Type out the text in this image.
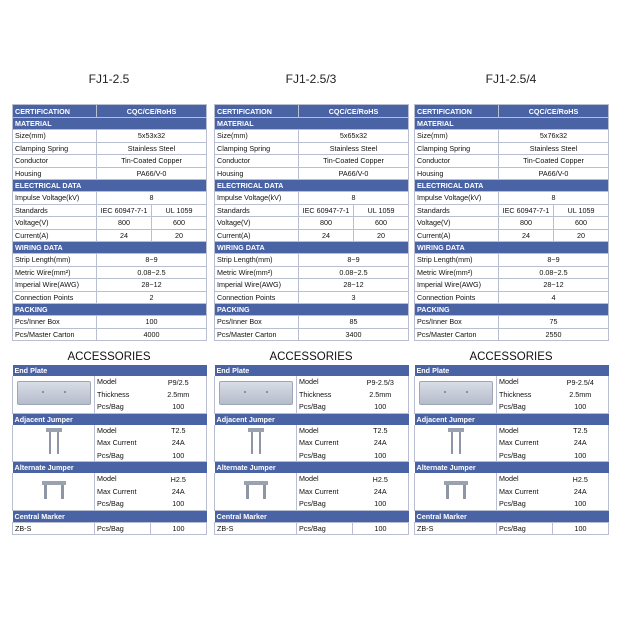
FJ1-2.5
CERTIFICATION	CQC/CE/RoHS	
MATERIAL		
Size(mm)	5x53x32	
Clamping Spring	Stainless Steel	
Conductor	Tin-Coated Copper	
Housing	PA66/V-0	
ELECTRICAL DATA		
Impulse Voltage(kV)	8	
Standards	IEC 60947-7-1	UL 1059
Voltage(V)	800	600
Current(A)	24	20
WIRING DATA		
Strip Length(mm)	8~9	
Metric Wire(mm²)	0.08~2.5	
Imperial Wire(AWG)	28~12	
Connection Points	2	
PACKING		
Pcs/Inner Box	100	
Pcs/Master Carton	4000	
ACCESSORIES
End Plate		
	Model	P9/2.5
	Thickness	2.5mm
	Pcs/Bag	100
Adjacent Jumper		

	Model	T2.5
	Max Current	24A
	Pcs/Bag	100
Alternate Jumper		

	Model	H2.5
	Max Current	24A
	Pcs/Bag	100
Central Marker		
ZB-S	Pcs/Bag	100
FJ1-2.5/3
CERTIFICATION	CQC/CE/RoHS	
MATERIAL		
Size(mm)	5x65x32	
Clamping Spring	Stainless Steel	
Conductor	Tin-Coated Copper	
Housing	PA66/V-0	
ELECTRICAL DATA		
Impulse Voltage(kV)	8	
Standards	IEC 60947-7-1	UL 1059
Voltage(V)	800	600
Current(A)	24	20
WIRING DATA		
Strip Length(mm)	8~9	
Metric Wire(mm²)	0.08~2.5	
Imperial Wire(AWG)	28~12	
Connection Points	3	
PACKING		
Pcs/Inner Box	85	
Pcs/Master Carton	3400	
ACCESSORIES
End Plate		
	Model	P9-2.5/3
	Thickness	2.5mm
	Pcs/Bag	100
Adjacent Jumper		

	Model	T2.5
	Max Current	24A
	Pcs/Bag	100
Alternate Jumper		

	Model	H2.5
	Max Current	24A
	Pcs/Bag	100
Central Marker		
ZB-S	Pcs/Bag	100
FJ1-2.5/4
CERTIFICATION	CQC/CE/RoHS	
MATERIAL		
Size(mm)	5x76x32	
Clamping Spring	Stainless Steel	
Conductor	Tin-Coated Copper	
Housing	PA66/V-0	
ELECTRICAL DATA		
Impulse Voltage(kV)	8	
Standards	IEC 60947-7-1	UL 1059
Voltage(V)	800	600
Current(A)	24	20
WIRING DATA		
Strip Length(mm)	8~9	
Metric Wire(mm²)	0.08~2.5	
Imperial Wire(AWG)	28~12	
Connection Points	4	
PACKING		
Pcs/Inner Box	75	
Pcs/Master Carton	2550	
ACCESSORIES
End Plate		
	Model	P9-2.5/4
	Thickness	2.5mm
	Pcs/Bag	100
Adjacent Jumper		

	Model	T2.5
	Max Current	24A
	Pcs/Bag	100
Alternate Jumper		

	Model	H2.5
	Max Current	24A
	Pcs/Bag	100
Central Marker		
ZB-S	Pcs/Bag	100
